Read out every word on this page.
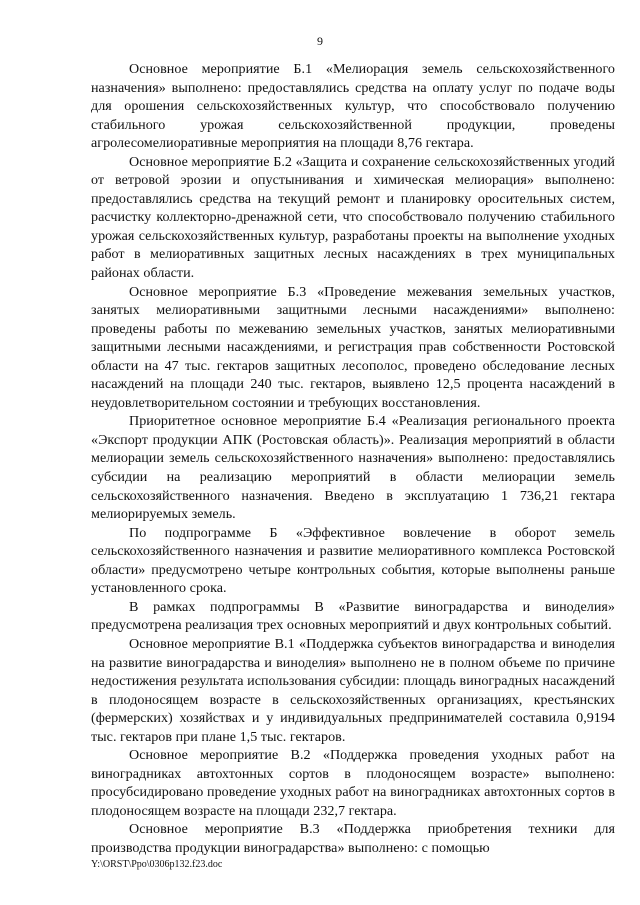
9

Основное мероприятие Б.1 «Мелиорация земель сельскохозяйственного назначения» выполнено: предоставлялись средства на оплату услуг по подаче воды для орошения сельскохозяйственных культур, что способствовало получению стабильного урожая сельскохозяйственной продукции, проведены агролесомелиоративные мероприятия на площади 8,76 гектара.

Основное мероприятие Б.2 «Защита и сохранение сельскохозяйственных угодий от ветровой эрозии и опустынивания и химическая мелиорация» выполнено: предоставлялись средства на текущий ремонт и планировку оросительных систем, расчистку коллекторно-дренажной сети, что способствовало получению стабильного урожая сельскохозяйственных культур, разработаны проекты на выполнение уходных работ в мелиоративных защитных лесных насаждениях в трех муниципальных районах области.

Основное мероприятие Б.3 «Проведение межевания земельных участков, занятых мелиоративными защитными лесными насаждениями» выполнено: проведены работы по межеванию земельных участков, занятых мелиоративными защитными лесными насаждениями, и регистрация прав собственности Ростовской области на 47 тыс. гектаров защитных лесополос, проведено обследование лесных насаждений на площади 240 тыс. гектаров, выявлено 12,5 процента насаждений в неудовлетворительном состоянии и требующих восстановления.

Приоритетное основное мероприятие Б.4 «Реализация регионального проекта «Экспорт продукции АПК (Ростовская область)». Реализация мероприятий в области мелиорации земель сельскохозяйственного назначения» выполнено: предоставлялись субсидии на реализацию мероприятий в области мелиорации земель сельскохозяйственного назначения. Введено в эксплуатацию 1 736,21 гектара мелиорируемых земель.

По подпрограмме Б «Эффективное вовлечение в оборот земель сельскохозяйственного назначения и развитие мелиоративного комплекса Ростовской области» предусмотрено четыре контрольных события, которые выполнены раньше установленного срока.

В рамках подпрограммы В «Развитие виноградарства и виноделия» предусмотрена реализация трех основных мероприятий и двух контрольных событий.

Основное мероприятие В.1 «Поддержка субъектов виноградарства и виноделия на развитие виноградарства и виноделия» выполнено не в полном объеме по причине недостижения результата использования субсидии: площадь виноградных насаждений в плодоносящем возрасте в сельскохозяйственных организациях, крестьянских (фермерских) хозяйствах и у индивидуальных предпринимателей составила 0,9194 тыс. гектаров при плане 1,5 тыс. гектаров.

Основное мероприятие В.2 «Поддержка проведения уходных работ на виноградниках автохтонных сортов в плодоносящем возрасте» выполнено: просубсидировано проведение уходных работ на виноградниках автохтонных сортов в плодоносящем возрасте на площади 232,7 гектара.

Основное мероприятие В.3 «Поддержка приобретения техники для производства продукции виноградарства» выполнено: с помощью

Y:\ORST\Ppo\0306p132.f23.doc
